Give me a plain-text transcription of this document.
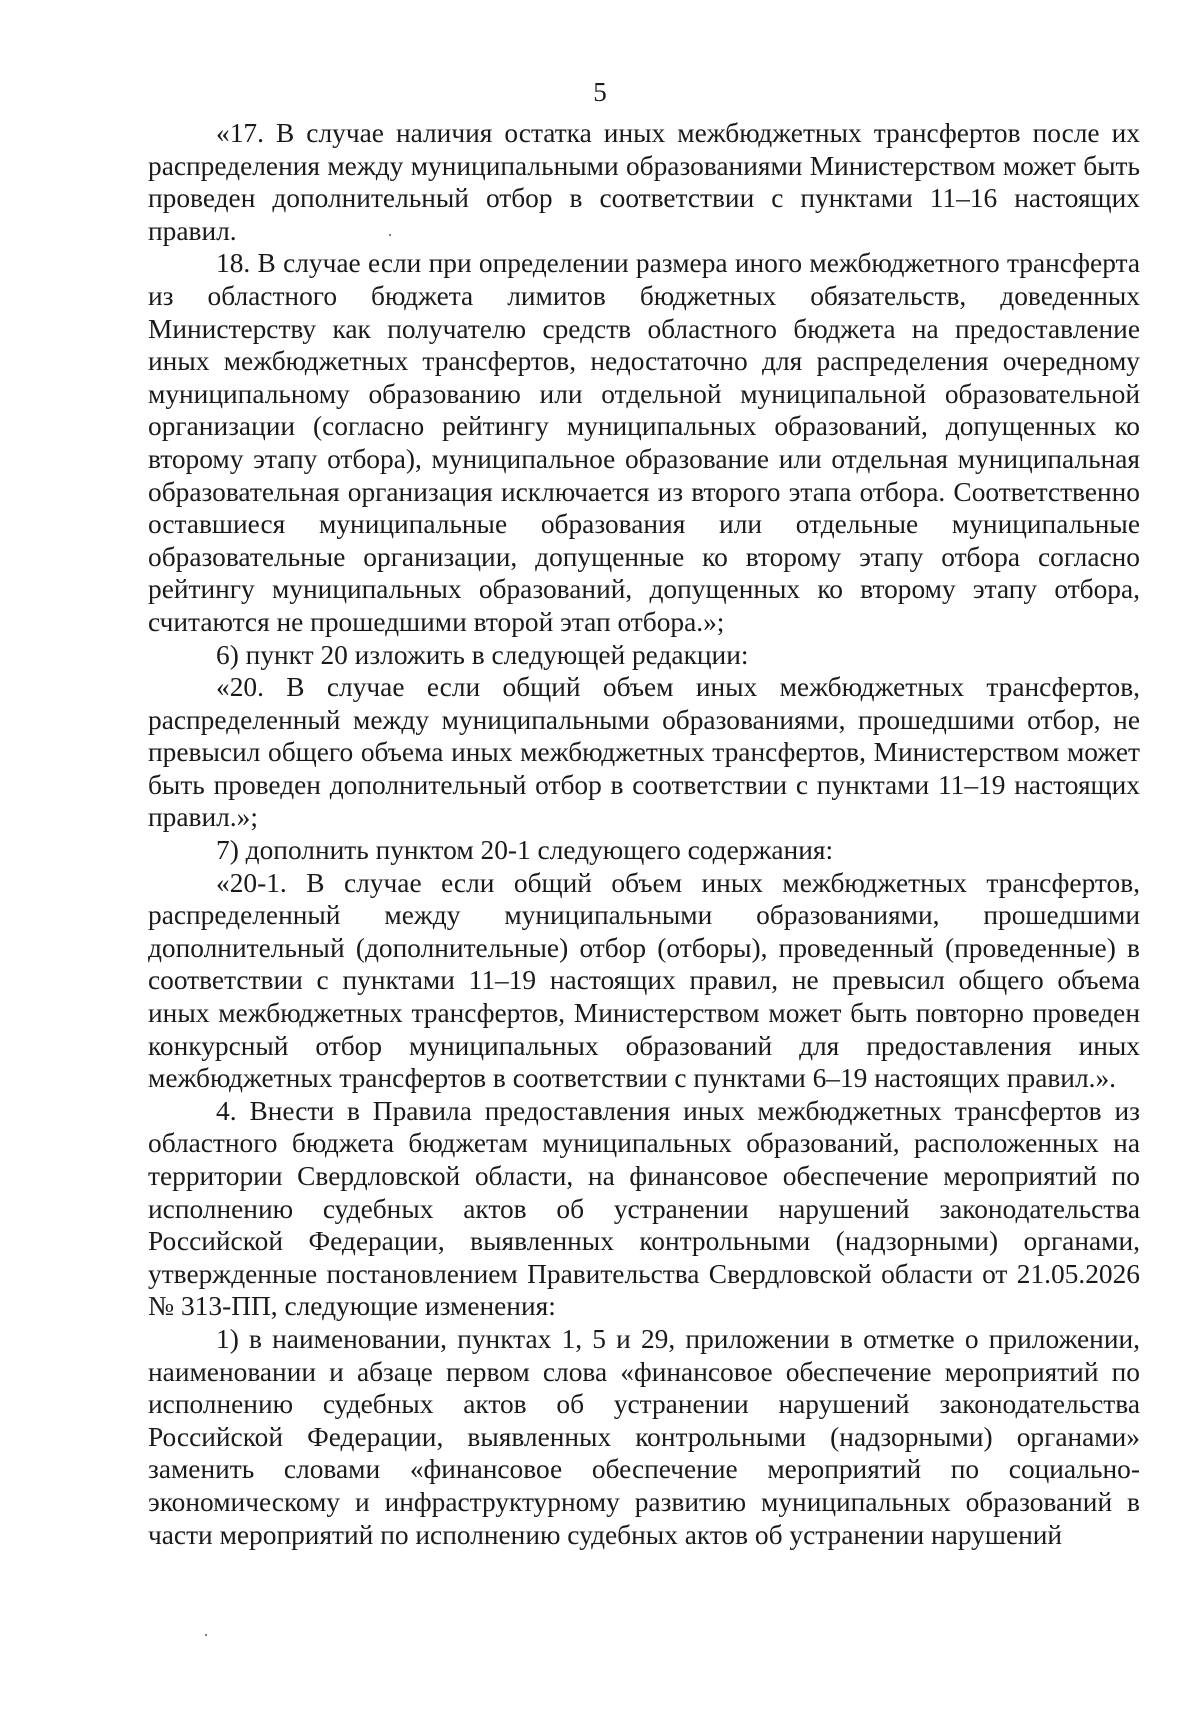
5

«17. В случае наличия остатка иных межбюджетных трансфертов после их распределения между муниципальными образованиями Министерством может быть проведен дополнительный отбор в соответствии с пунктами 11–16 настоящих правил.

18. В случае если при определении размера иного межбюджетного трансферта из областного бюджета лимитов бюджетных обязательств, доведенных Министерству как получателю средств областного бюджета на предоставление иных межбюджетных трансфертов, недостаточно для распределения очередному муниципальному образованию или отдельной муниципальной образовательной организации (согласно рейтингу муниципальных образований, допущенных ко второму этапу отбора), муниципальное образование или отдельная муниципальная образовательная организация исключается из второго этапа отбора. Соответственно оставшиеся муниципальные образования или отдельные муниципальные образовательные организации, допущенные ко второму этапу отбора согласно рейтингу муниципальных образований, допущенных ко второму этапу отбора, считаются не прошедшими второй этап отбора.»;

6) пункт 20 изложить в следующей редакции:

«20. В случае если общий объем иных межбюджетных трансфертов, распределенный между муниципальными образованиями, прошедшими отбор, не превысил общего объема иных межбюджетных трансфертов, Министерством может быть проведен дополнительный отбор в соответствии с пунктами 11–19 настоящих правил.»;

7) дополнить пунктом 20-1 следующего содержания:

«20-1. В случае если общий объем иных межбюджетных трансфертов, распределенный между муниципальными образованиями, прошедшими дополнительный (дополнительные) отбор (отборы), проведенный (проведенные) в соответствии с пунктами 11–19 настоящих правил, не превысил общего объема иных межбюджетных трансфертов, Министерством может быть повторно проведен конкурсный отбор муниципальных образований для предоставления иных межбюджетных трансфертов в соответствии с пунктами 6–19 настоящих правил.».

4. Внести в Правила предоставления иных межбюджетных трансфертов из областного бюджета бюджетам муниципальных образований, расположенных на территории Свердловской области, на финансовое обеспечение мероприятий по исполнению судебных актов об устранении нарушений законодательства Российской Федерации, выявленных контрольными (надзорными) органами, утвержденные постановлением Правительства Свердловской области от 21.05.2026 № 313-ПП, следующие изменения:

1) в наименовании, пунктах 1, 5 и 29, приложении в отметке о приложении, наименовании и абзаце первом слова «финансовое обеспечение мероприятий по исполнению судебных актов об устранении нарушений законодательства Российской Федерации, выявленных контрольными (надзорными) органами» заменить словами «финансовое обеспечение мероприятий по социально-экономическому и инфраструктурному развитию муниципальных образований в части мероприятий по исполнению судебных актов об устранении нарушений
